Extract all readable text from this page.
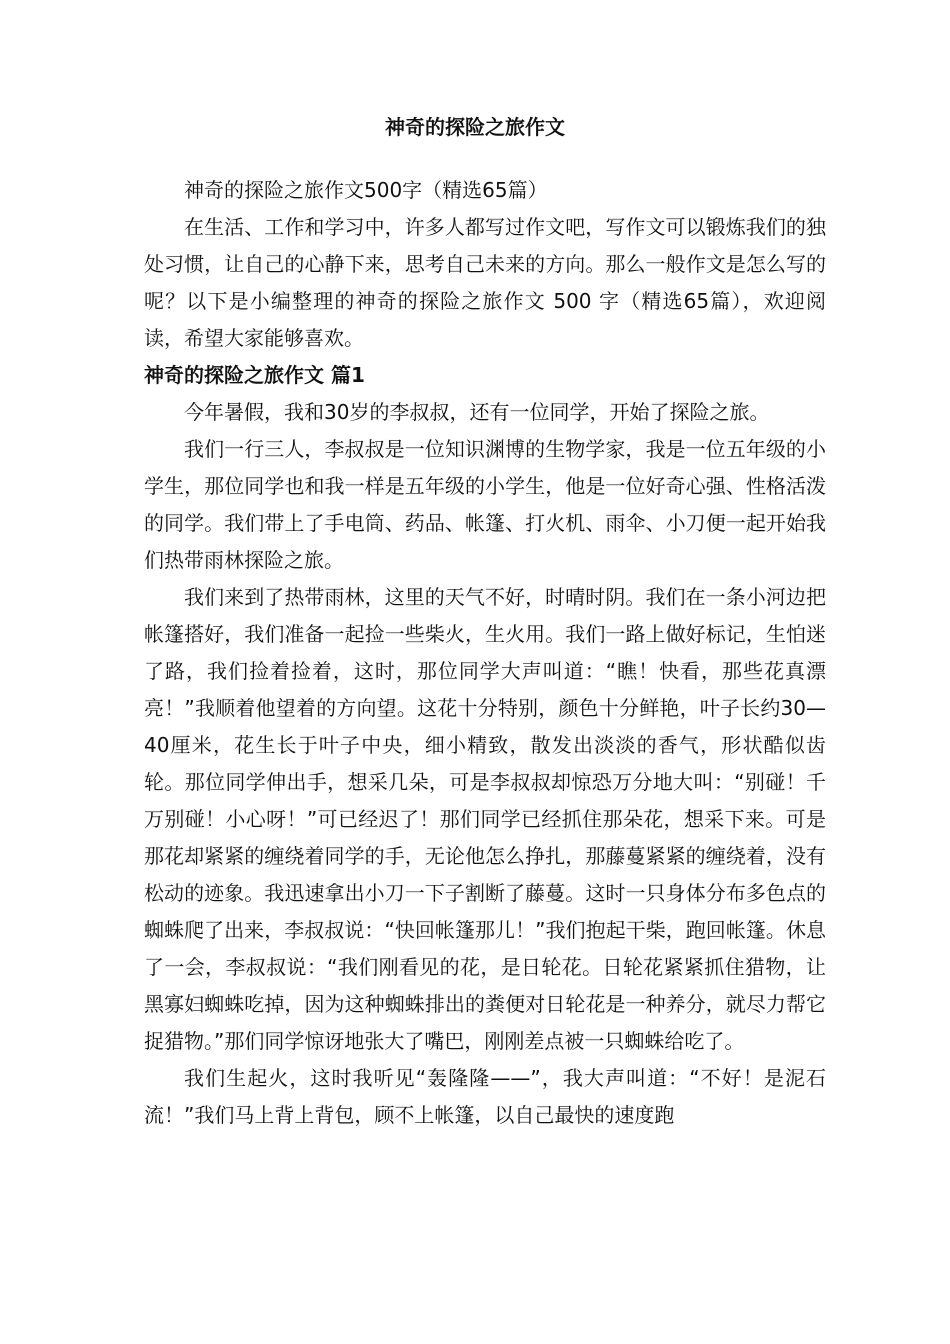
神奇的探险之旅作文

神奇的探险之旅作文500字（精选65篇）

在生活、工作和学习中，许多人都写过作文吧，写作文可以锻炼我们的独处习惯，让自己的心静下来，思考自己未来的方向。那么一般作文是怎么写的呢？以下是小编整理的神奇的探险之旅作文 500 字（精选65篇），欢迎阅读，希望大家能够喜欢。

神奇的探险之旅作文 篇1

今年暑假，我和30岁的李叔叔，还有一位同学，开始了探险之旅。

我们一行三人，李叔叔是一位知识渊博的生物学家，我是一位五年级的小学生，那位同学也和我一样是五年级的小学生，他是一位好奇心强、性格活泼的同学。我们带上了手电筒、药品、帐篷、打火机、雨伞、小刀便一起开始我们热带雨林探险之旅。

我们来到了热带雨林，这里的天气不好，时晴时阴。我们在一条小河边把帐篷搭好，我们准备一起捡一些柴火，生火用。我们一路上做好标记，生怕迷了路，我们捡着捡着，这时，那位同学大声叫道：“瞧！快看，那些花真漂亮！”我顺着他望着的方向望。这花十分特别，颜色十分鲜艳，叶子长约30—40厘米，花生长于叶子中央，细小精致，散发出淡淡的香气，形状酷似齿轮。那位同学伸出手，想采几朵，可是李叔叔却惊恐万分地大叫：“别碰！千万别碰！小心呀！”可已经迟了！那们同学已经抓住那朵花，想采下来。可是那花却紧紧的缠绕着同学的手，无论他怎么挣扎，那藤蔓紧紧的缠绕着，没有松动的迹象。我迅速拿出小刀一下子割断了藤蔓。这时一只身体分布多色点的蜘蛛爬了出来，李叔叔说：“快回帐篷那儿！”我们抱起干柴，跑回帐篷。休息了一会，李叔叔说：“我们刚看见的花，是日轮花。日轮花紧紧抓住猎物，让黑寡妇蜘蛛吃掉，因为这种蜘蛛排出的粪便对日轮花是一种养分，就尽力帮它捉猎物。”那们同学惊讶地张大了嘴巴，刚刚差点被一只蜘蛛给吃了。

我们生起火，这时我听见“轰隆隆——”，我大声叫道：“不好！是泥石流！”我们马上背上背包，顾不上帐篷，以自己最快的速度跑
